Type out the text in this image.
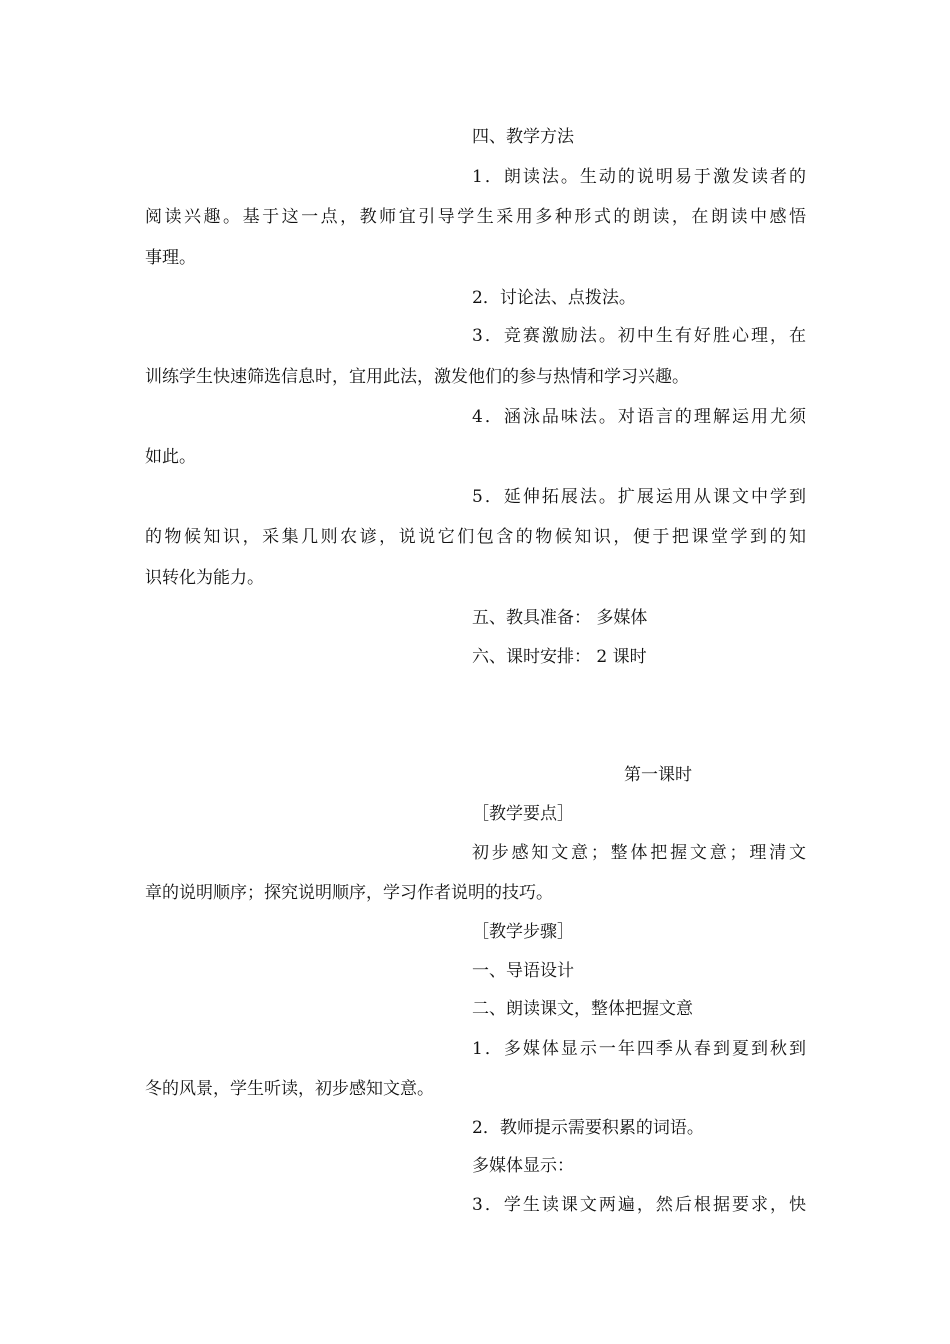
四、教学方法
1．朗读法。生动的说明易于激发读者的
阅读兴趣。基于这一点，教师宜引导学生采用多种形式的朗读，在朗读中感悟
事理。
2．讨论法、点拨法。
3．竞赛激励法。初中生有好胜心理，在
训练学生快速筛选信息时，宜用此法，激发他们的参与热情和学习兴趣。
4．涵泳品味法。对语言的理解运用尤须
如此。
5．延伸拓展法。扩展运用从课文中学到
的物候知识，采集几则农谚，说说它们包含的物候知识，便于把课堂学到的知
识转化为能力。
五、教具准备： 多媒体
六、课时安排： 2 课时
第一课时
［教学要点］
初步感知文意；整体把握文意；理清文
章的说明顺序；探究说明顺序，学习作者说明的技巧。
［教学步骤］
一、导语设计
二、朗读课文，整体把握文意
1．多媒体显示一年四季从春到夏到秋到
冬的风景，学生听读，初步感知文意。
2．教师提示需要积累的词语。
多媒体显示：
3．学生读课文两遍，然后根据要求，快
